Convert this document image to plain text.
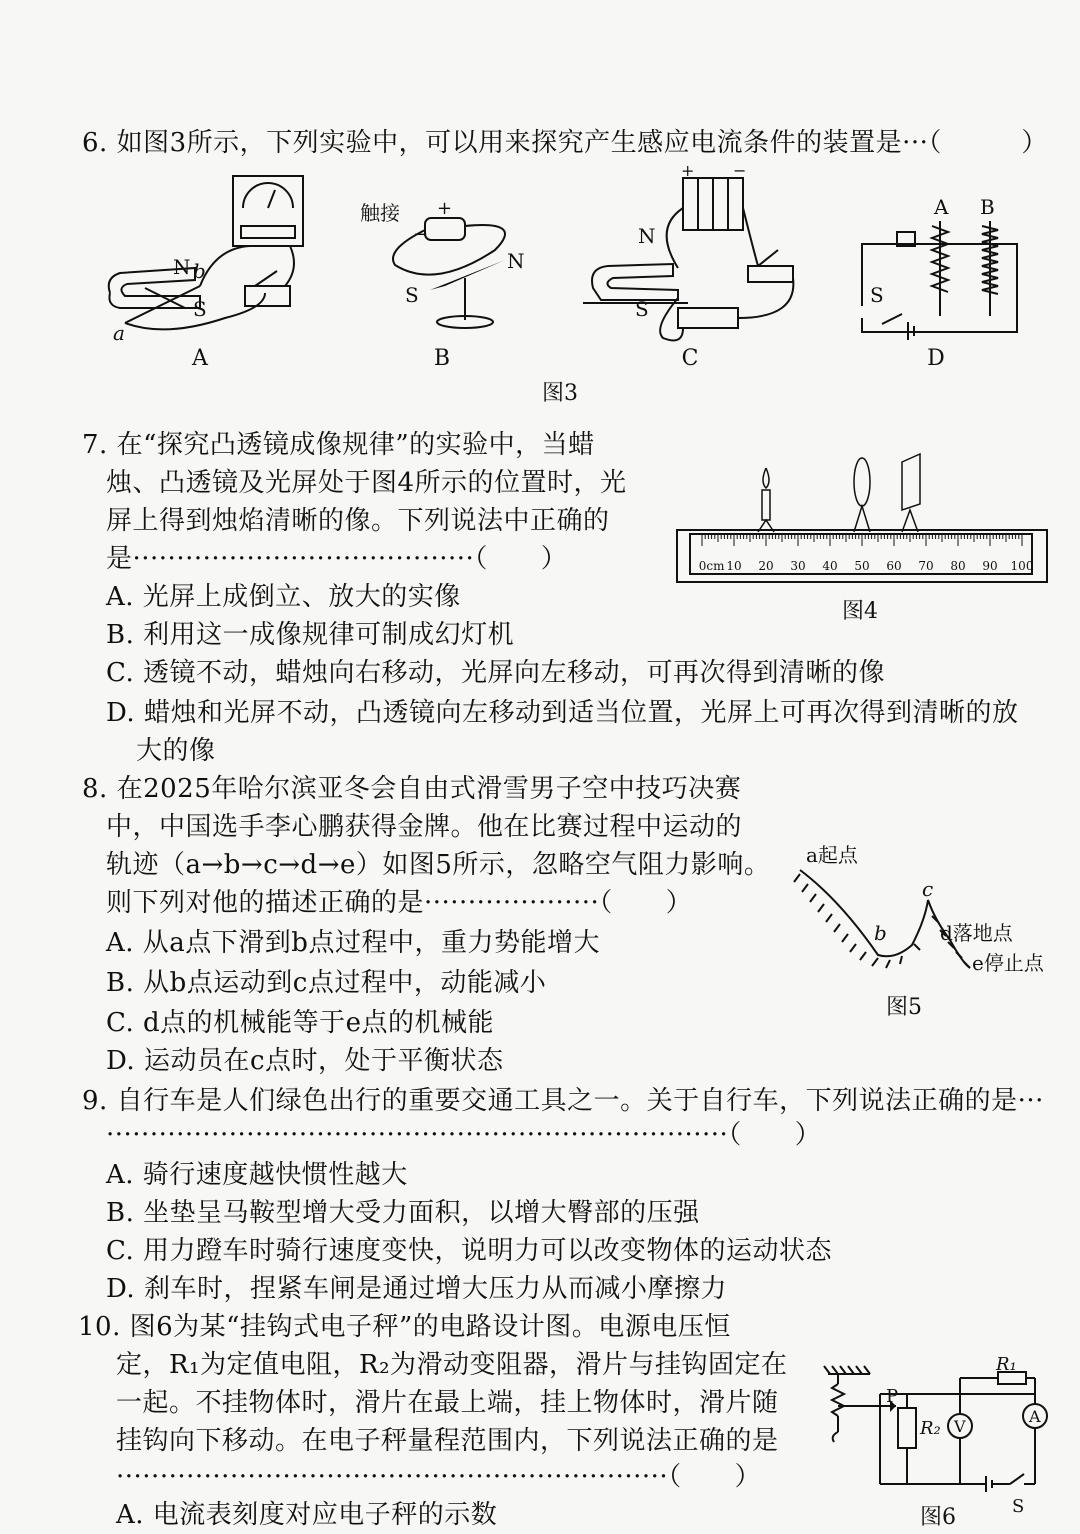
6. 如图3所示，下列实验中，可以用来探究产生感应电流条件的装置是···（　　　）
N b
S
a
触接 +
−
N
S
+ −
N
S
A B
S
A	B	C	D
图3
7. 在“探究凸透镜成像规律”的实验中，当蜡
烛、凸透镜及光屏处于图4所示的位置时，光
屏上得到烛焰清晰的像。下列说法中正确的
是·······································（　　）
A. 光屏上成倒立、放大的实像
B. 利用这一成像规律可制成幻灯机
C. 透镜不动，蜡烛向右移动，光屏向左移动，可再次得到清晰的像
D. 蜡烛和光屏不动，凸透镜向左移动到适当位置，光屏上可再次得到清晰的放
大的像
0cm 10 20 30 40 50 60 70 80 90 100
图4
8. 在2025年哈尔滨亚冬会自由式滑雪男子空中技巧决赛
中，中国选手李心鹏获得金牌。他在比赛过程中运动的
轨迹（a→b→c→d→e）如图5所示，忽略空气阻力影响。
则下列对他的描述正确的是····················（　　）
A. 从a点下滑到b点过程中，重力势能增大
B. 从b点运动到c点过程中，动能减小
C. d点的机械能等于e点的机械能
D. 运动员在c点时，处于平衡状态
a起点
b
c
d落地点
e停止点
图5
9. 自行车是人们绿色出行的重要交通工具之一。关于自行车，下列说法正确的是···
·······································································（　　）
A. 骑行速度越快惯性越大
B. 坐垫呈马鞍型增大受力面积，以增大臀部的压强
C. 用力蹬车时骑行速度变快，说明力可以改变物体的运动状态
D. 刹车时，捏紧车闸是通过增大压力从而减小摩擦力
10. 图6为某“挂钩式电子秤”的电路设计图。电源电压恒
定，R₁为定值电阻，R₂为滑动变阻器，滑片与挂钩固定在
一起。不挂物体时，滑片在最上端，挂上物体时，滑片随
挂钩向下移动。在电子秤量程范围内，下列说法正确的是
·······························································（　　）
A. 电流表刻度对应电子秤的示数
P
R₂
R₁
V
A
S
图6
